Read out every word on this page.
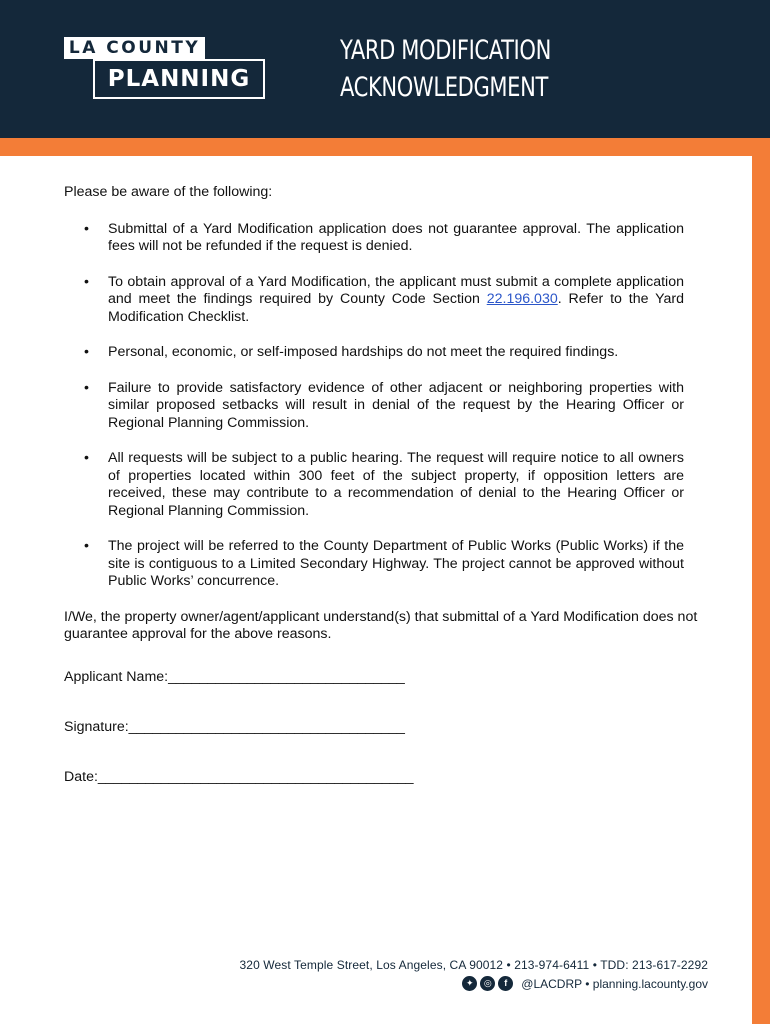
LA COUNTY
PLANNING
YARD MODIFICATION
ACKNOWLEDGMENT

Please be aware of the following:

• Submittal of a Yard Modification application does not guarantee approval. The application fees will not be refunded if the request is denied.
• To obtain approval of a Yard Modification, the applicant must submit a complete application and meet the findings required by County Code Section 22.196.030. Refer to the Yard Modification Checklist.
• Personal, economic, or self-imposed hardships do not meet the required findings.
• Failure to provide satisfactory evidence of other adjacent or neighboring properties with similar proposed setbacks will result in denial of the request by the Hearing Officer or Regional Planning Commission.
• All requests will be subject to a public hearing. The request will require notice to all owners of properties located within 300 feet of the subject property, if opposition letters are received, these may contribute to a recommendation of denial to the Hearing Officer or Regional Planning Commission.
• The project will be referred to the County Department of Public Works (Public Works) if the site is contiguous to a Limited Secondary Highway. The project cannot be approved without Public Works’ concurrence.

I/We, the property owner/agent/applicant understand(s) that submittal of a Yard Modification does not guarantee approval for the above reasons.

Applicant Name:______________________________
Signature:___________________________________
Date:________________________________________
320 West Temple Street, Los Angeles, CA 90012 • 213-974-6411 • TDD: 213-617-2292
✦	◎	f	@LACDRP • planning.lacounty.gov
